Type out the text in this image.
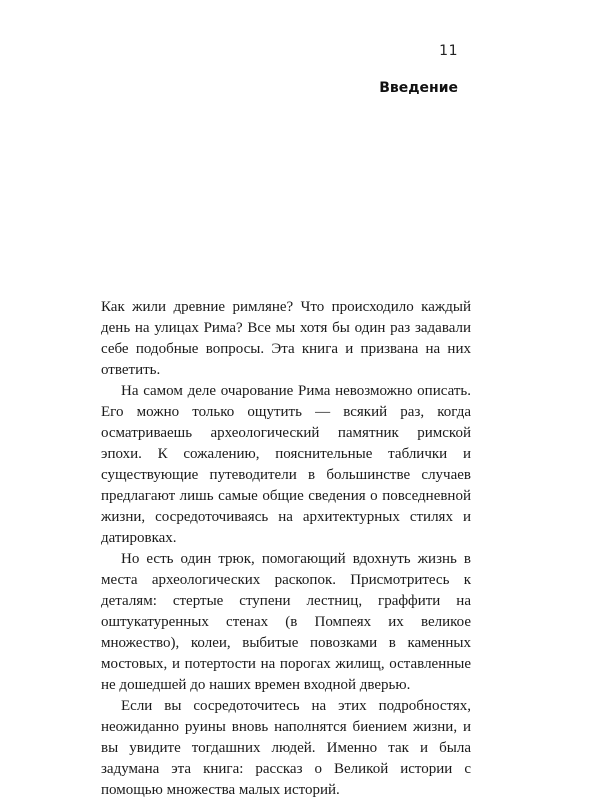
11
Введение

Как жили древние римляне? Что происходило каждый день на улицах Рима? Все мы хотя бы один раз задавали себе подобные вопросы. Эта книга и призвана на них ответить.

На самом деле очарование Рима невозможно описать. Его можно только ощутить — всякий раз, когда осматриваешь археологический памятник римской эпохи. К сожалению, пояснительные таблички и существующие путеводители в большинстве случаев предлагают лишь самые общие сведения о повседневной жизни, сосредоточиваясь на архитектурных стилях и датировках.

Но есть один трюк, помогающий вдохнуть жизнь в места археологических раскопок. Присмотритесь к деталям: стертые ступени лестниц, граффити на оштукатуренных стенах (в Помпеях их великое множество), колеи, выбитые повозками в каменных мостовых, и потертости на порогах жилищ, оставленные не дошедшей до наших времен входной дверью.

Если вы сосредоточитесь на этих подробностях, неожиданно руины вновь наполнятся биением жизни, и вы увидите тогдашних людей. Именно так и была задумана эта книга: рассказ о Великой истории с помощью множества малых историй.
